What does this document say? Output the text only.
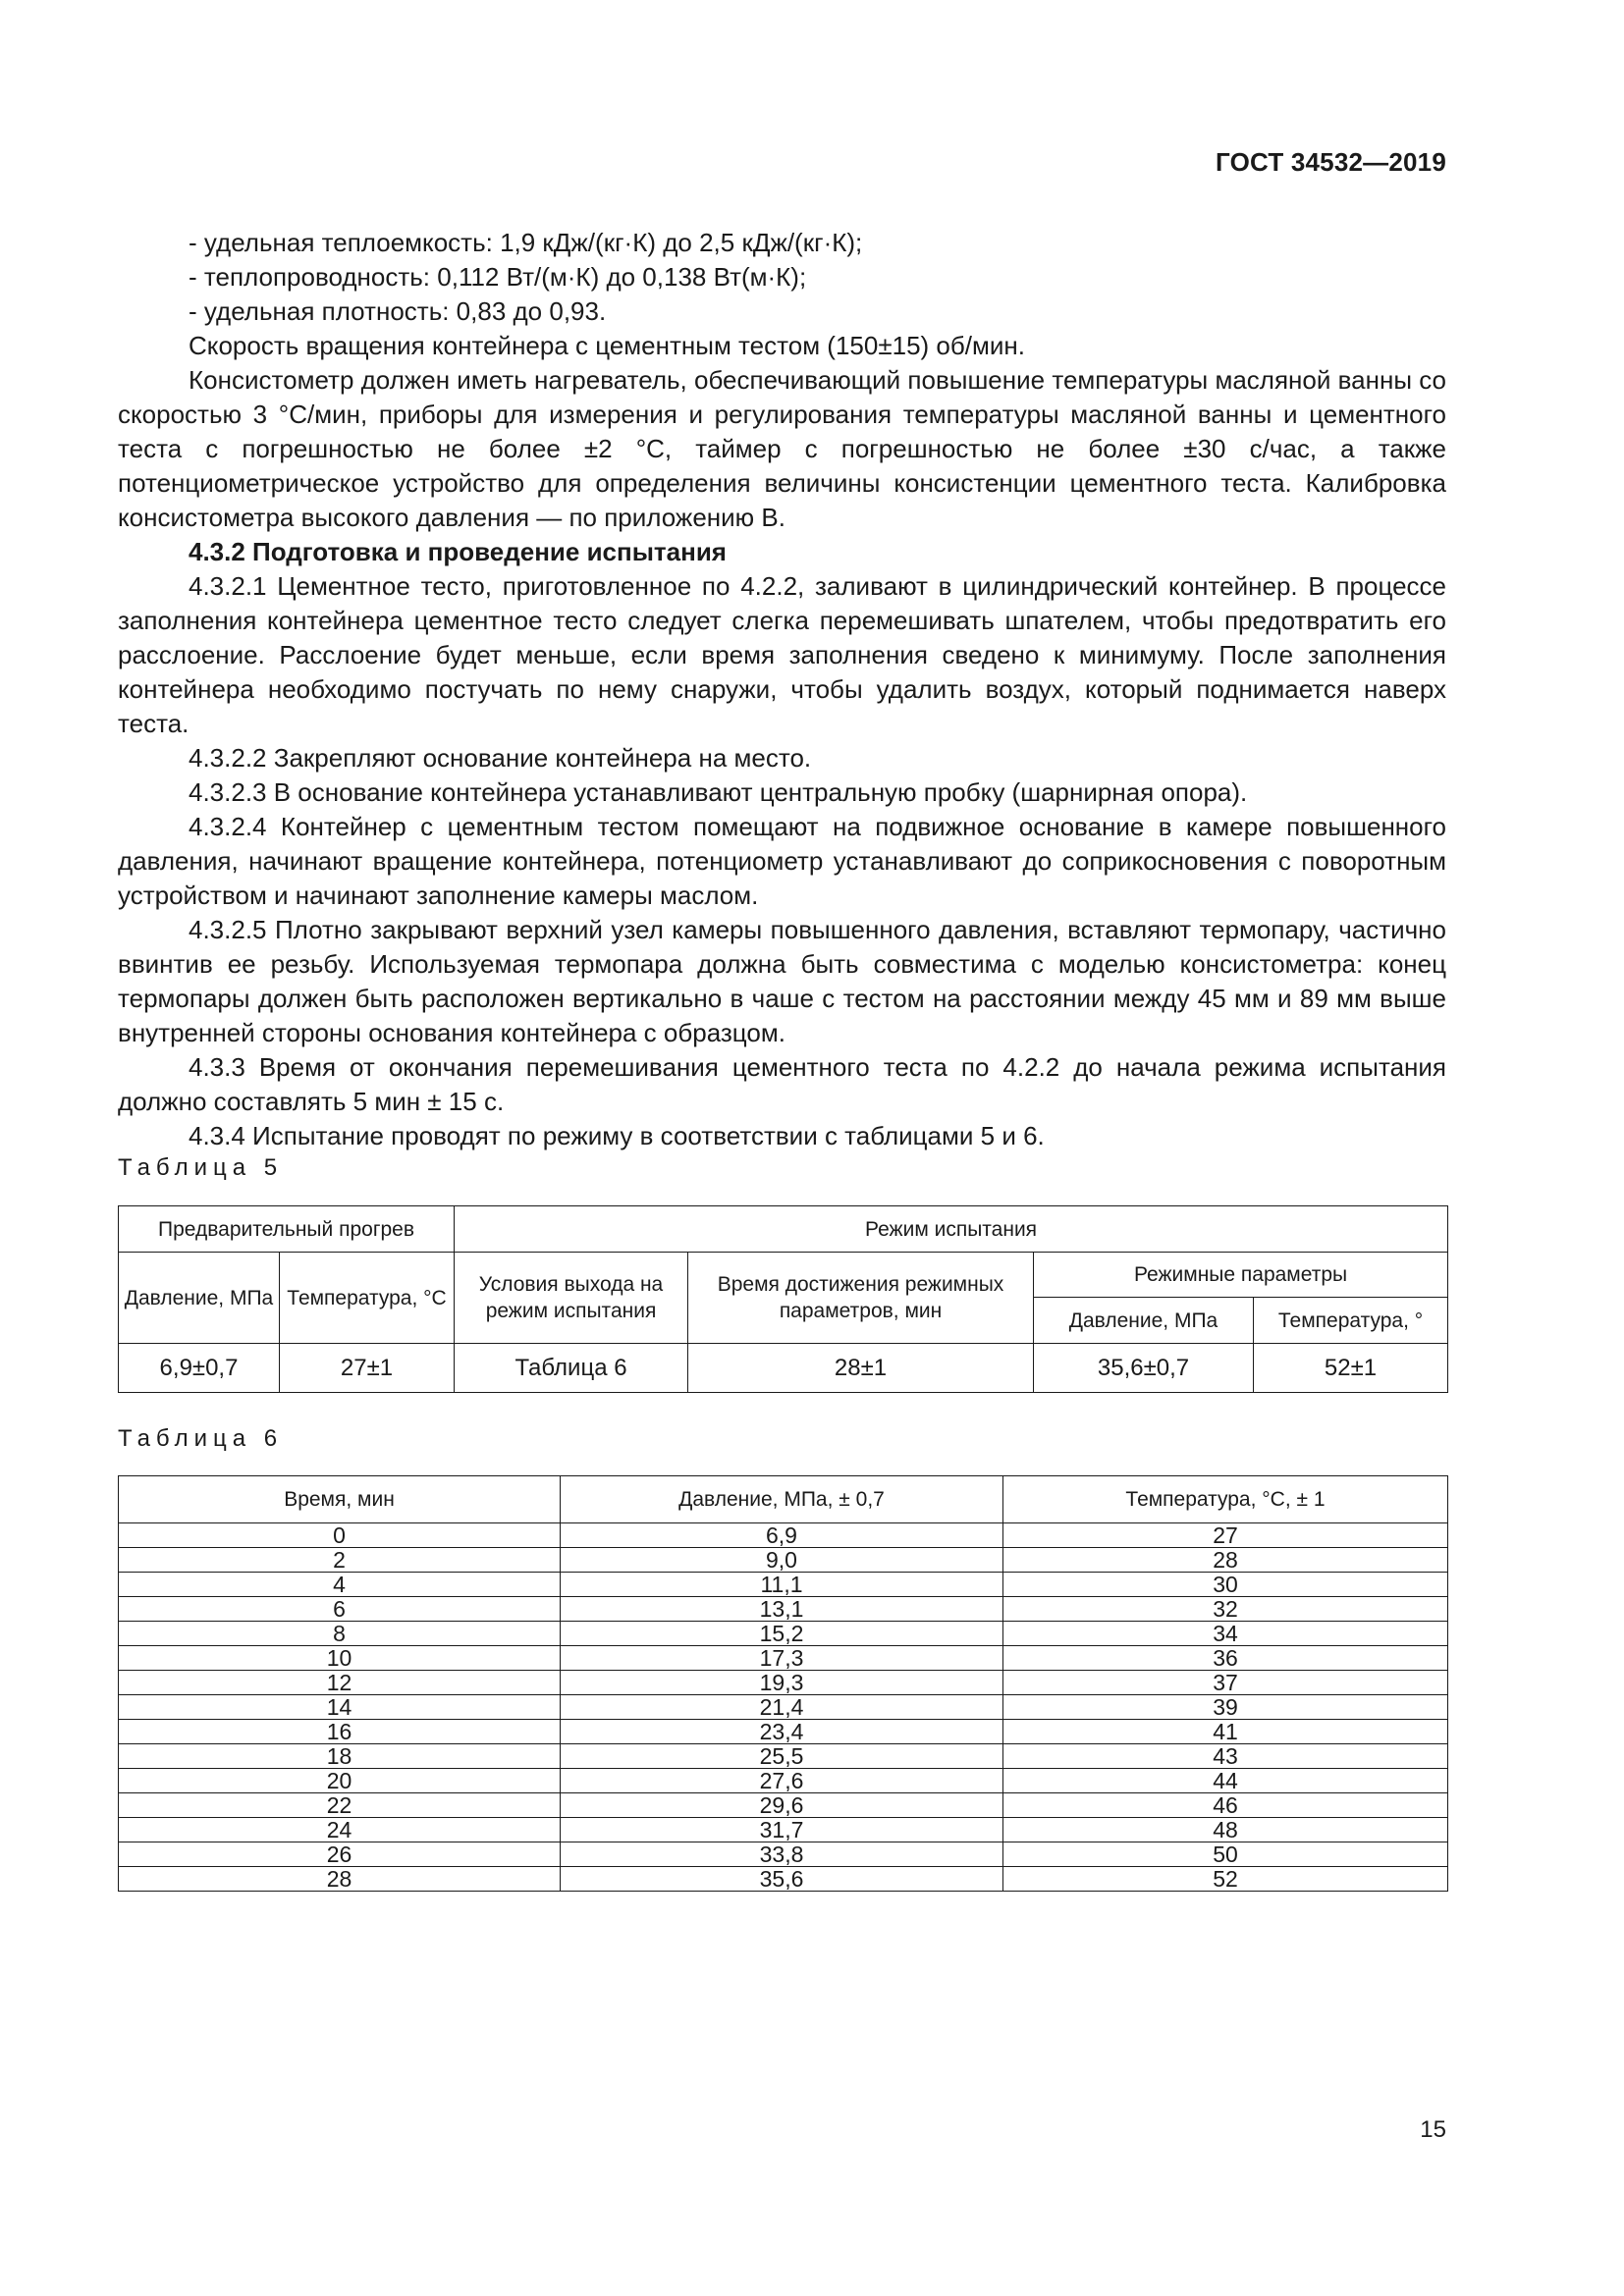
ГОСТ 34532—2019

- удельная теплоемкость: 1,9 кДж/(кг·К) до 2,5 кДж/(кг·К);

- теплопроводность: 0,112 Вт/(м·К) до 0,138 Вт(м·К);

- удельная плотность: 0,83 до 0,93.

Скорость вращения контейнера с цементным тестом (150±15) об/мин.

Консистометр должен иметь нагреватель, обеспечивающий повышение температуры масляной ванны со скоростью 3 °С/мин, приборы для измерения и регулирования температуры масляной ванны и цементного теста с погрешностью не более ±2 °С, таймер с погрешностью не более ±30 с/час, а также потенциометрическое устройство для определения величины консистенции цементного теста. Калибровка консистометра высокого давления — по приложению В.

4.3.2 Подготовка и проведение испытания

4.3.2.1 Цементное тесто, приготовленное по 4.2.2, заливают в цилиндрический контейнер. В процессе заполнения контейнера цементное тесто следует слегка перемешивать шпателем, чтобы предотвратить его расслоение. Расслоение будет меньше, если время заполнения сведено к минимуму. После заполнения контейнера необходимо постучать по нему снаружи, чтобы удалить воздух, который поднимается наверх теста.

4.3.2.2 Закрепляют основание контейнера на место.

4.3.2.3 В основание контейнера устанавливают центральную пробку (шарнирная опора).

4.3.2.4 Контейнер с цементным тестом помещают на подвижное основание в камере повышенного давления, начинают вращение контейнера, потенциометр устанавливают до соприкосновения с поворотным устройством и начинают заполнение камеры маслом.

4.3.2.5 Плотно закрывают верхний узел камеры повышенного давления, вставляют термопару, частично ввинтив ее резьбу. Используемая термопара должна быть совместима с моделью консистометра: конец термопары должен быть расположен вертикально в чаше с тестом на расстоянии между 45 мм и 89 мм выше внутренней стороны основания контейнера с образцом.

4.3.3 Время от окончания перемешивания цементного теста по 4.2.2 до начала режима испытания должно составлять 5 мин ± 15 с.

4.3.4 Испытание проводят по режиму в соответствии с таблицами 5 и 6.

Таблица 5
Предварительный прогрев		Режим испытания			
Давление, МПа	Температура, °С	Условия выхода на режим испытания	Время достижения режимных параметров, мин	Режимные параметры	
				Давление, МПа	Температура, °
6,9±0,7	27±1	Таблица 6	28±1	35,6±0,7	52±1
Таблица 6
Время, мин	Давление, МПа, ± 0,7	Температура, °С, ± 1
0	6,9	27
2	9,0	28
4	11,1	30
6	13,1	32
8	15,2	34
10	17,3	36
12	19,3	37
14	21,4	39
16	23,4	41
18	25,5	43
20	27,6	44
22	29,6	46
24	31,7	48
26	33,8	50
28	35,6	52
15
